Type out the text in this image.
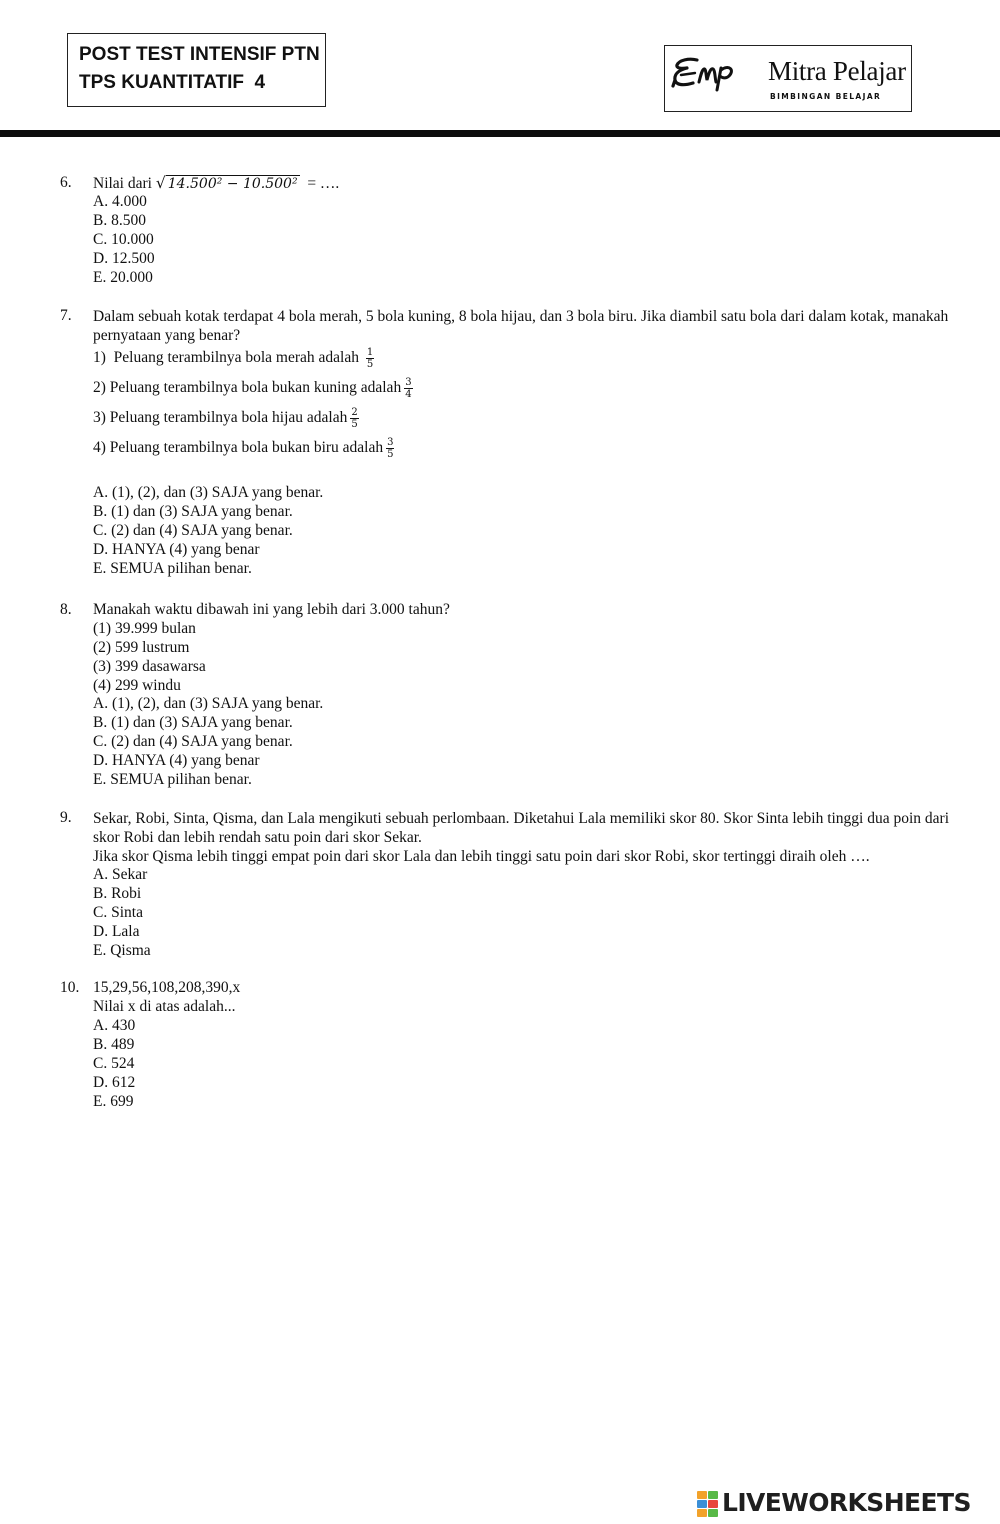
POST TEST INTENSIF PTN
TPS KUANTITATIF  4	Mitra Pelajar
BIMBINGAN BELAJAR
6. Nilai dari √ 14.500² − 10.500²  = ….
A. 4.000
B. 8.500
C. 10.000
D. 12.500
E. 20.000
7. Dalam sebuah kotak terdapat 4 bola merah, 5 bola kuning, 8 bola hijau, dan 3 bola biru. Jika diambil satu bola dari dalam kotak, manakah pernyataan yang benar?
1)  Peluang terambilnya bola merah adalah $\frac{1}{5}$
2) Peluang terambilnya bola bukan kuning adalah $\frac{3}{4}$
3) Peluang terambilnya bola hijau adalah $\frac{2}{5}$
4) Peluang terambilnya bola bukan biru adalah $\frac{3}{5}$
A. (1), (2), dan (3) SAJA yang benar.
B. (1) dan (3) SAJA yang benar.
C. (2) dan (4) SAJA yang benar.
D. HANYA (4) yang benar
E. SEMUA pilihan benar.
8. Manakah waktu dibawah ini yang lebih dari 3.000 tahun?
(1) 39.999 bulan
(2) 599 lustrum
(3) 399 dasawarsa
(4) 299 windu
A. (1), (2), dan (3) SAJA yang benar.
B. (1) dan (3) SAJA yang benar.
C. (2) dan (4) SAJA yang benar.
D. HANYA (4) yang benar
E. SEMUA pilihan benar.
9. Sekar, Robi, Sinta, Qisma, dan Lala mengikuti sebuah perlombaan. Diketahui Lala memiliki skor 80. Skor Sinta lebih tinggi dua poin dari skor Robi dan lebih rendah satu poin dari skor Sekar.
Jika skor Qisma lebih tinggi empat poin dari skor Lala dan lebih tinggi satu poin dari skor Robi, skor tertinggi diraih oleh ….
A. Sekar
B. Robi
C. Sinta
D. Lala
E. Qisma
10. 15,29,56,108,208,390,x
Nilai x di atas adalah...
A. 430
B. 489
C. 524
D. 612
E. 699
LIVEWORKSHEETS
